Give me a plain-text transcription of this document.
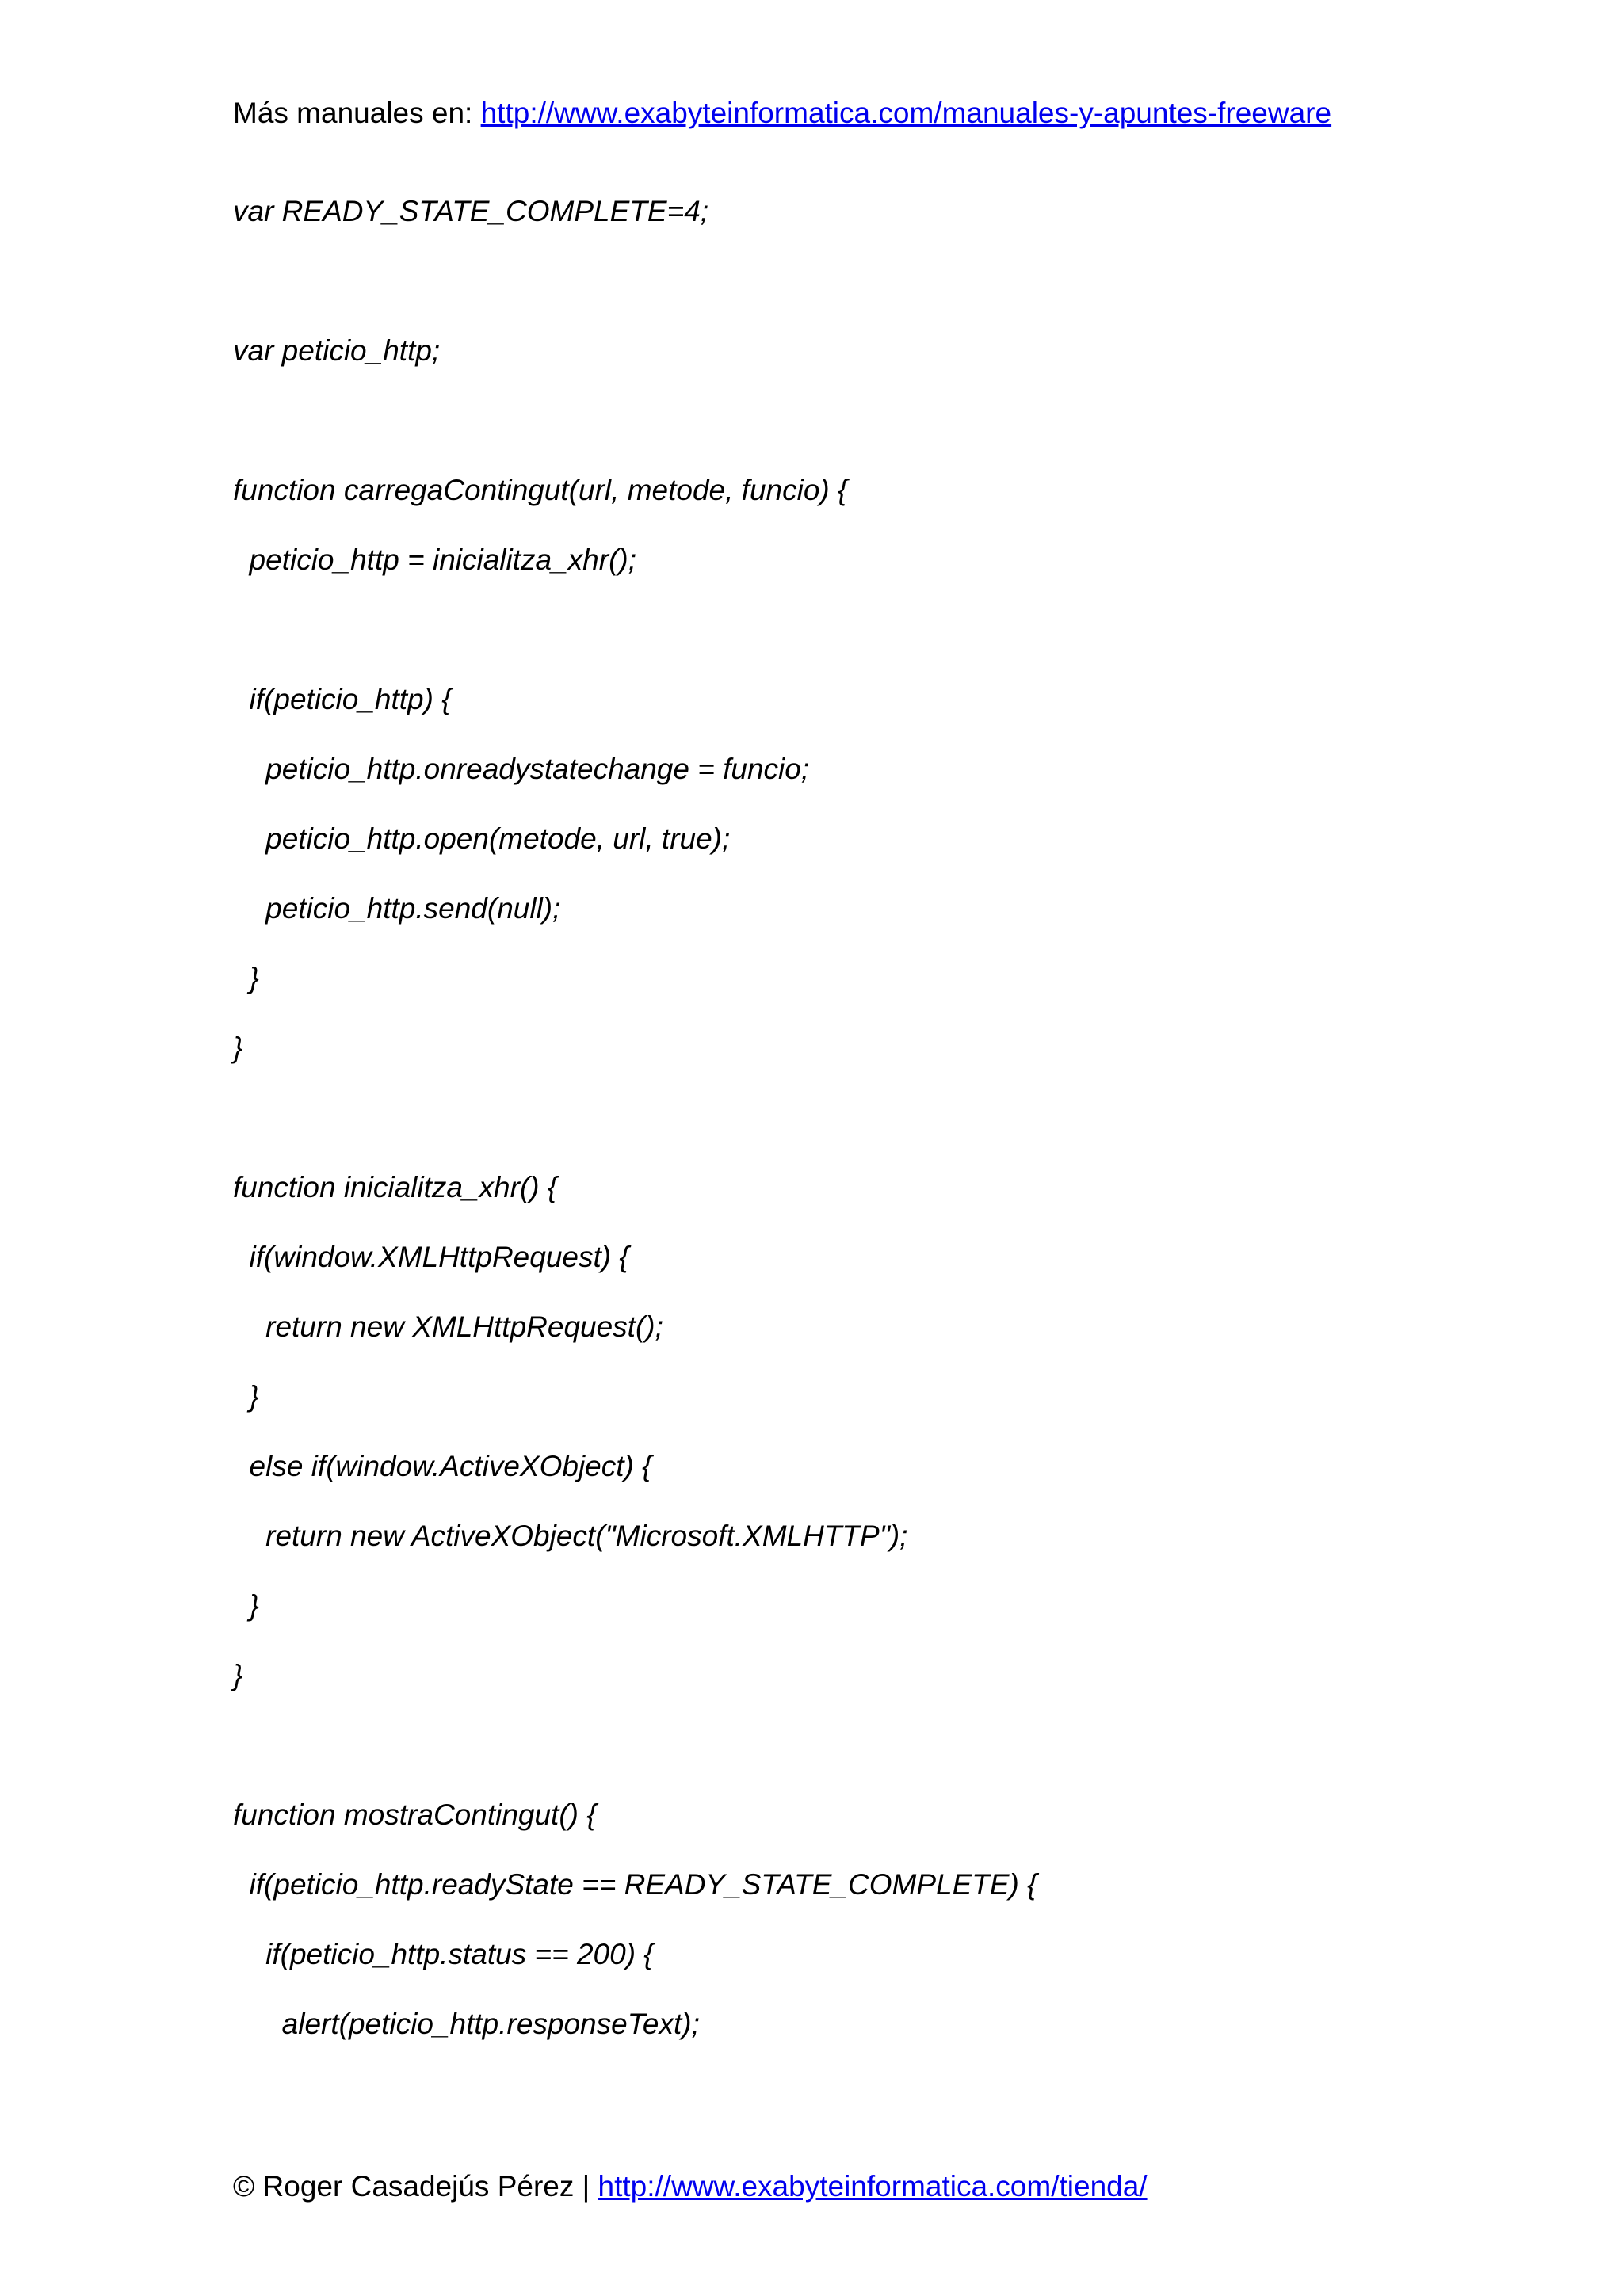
Más manuales en: http://www.exabyteinformatica.com/manuales-y-apuntes-freeware
var READY_STATE_COMPLETE=4;
var peticio_http;
function carregaContingut(url, metode, funcio) {
peticio_http = inicialitza_xhr();
if(peticio_http) {
peticio_http.onreadystatechange = funcio;
peticio_http.open(metode, url, true);
peticio_http.send(null);
}
}
function inicialitza_xhr() {
if(window.XMLHttpRequest) {
return new XMLHttpRequest();
}
else if(window.ActiveXObject) {
return new ActiveXObject("Microsoft.XMLHTTP");
}
}
function mostraContingut() {
if(peticio_http.readyState == READY_STATE_COMPLETE) {
if(peticio_http.status == 200) {
alert(peticio_http.responseText);
© Roger Casadejús Pérez | http://www.exabyteinformatica.com/tienda/
